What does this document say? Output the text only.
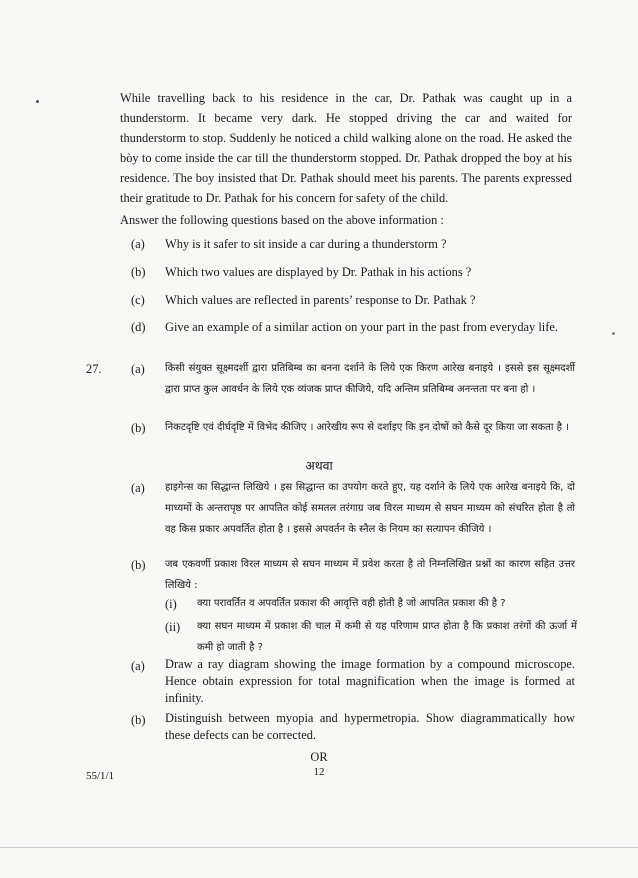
While travelling back to his residence in the car, Dr. Pathak was caught up in a thunderstorm. It became very dark. He stopped driving the car and waited for thunderstorm to stop. Suddenly he noticed a child walking alone on the road. He asked the bòy to come inside the car till the thunderstorm stopped. Dr. Pathak dropped the boy at his residence. The boy insisted that Dr. Pathak should meet his parents. The parents expressed their gratitude to Dr. Pathak for his concern for safety of the child.
Answer the following questions based on the above information :
(a) Why is it safer to sit inside a car during a thunderstorm ?
(b) Which two values are displayed by Dr. Pathak in his actions ?
(c) Which values are reflected in parents’ response to Dr. Pathak ?
(d) Give an example of a similar action on your part in the past from everyday life.
27. (a) किसी संयुक्त सूक्ष्मदर्शी द्वारा प्रतिबिम्ब का बनना दर्शाने के लिये एक किरण आरेख बनाइये । इससे इस सूक्ष्मदर्शी द्वारा प्राप्त कुल आवर्धन के लिये एक व्यंजक प्राप्त कीजिये, यदि अन्तिम प्रतिबिम्ब अनन्तता पर बना हो ।
(b) निकटदृष्टि एवं दीर्घदृष्टि में विभेद कीजिए । आरेखीय रूप से दर्शाइए कि इन दोषों को कैसे दूर किया जा सकता है ।
अथवा
(a) हाइगेन्स का सिद्धान्त लिखिये । इस सिद्धान्त का उपयोग करते हुए, यह दर्शाने के लिये एक आरेख बनाइये कि, दो माध्यमों के अन्तरापृष्ठ पर आपतित कोई समतल तरंगाग्र जब विरल माध्यम से सघन माध्यम को संचरित होता है तो वह किस प्रकार अपवर्तित होता है । इससे अपवर्तन के स्नैल के नियम का सत्यापन कीजिये ।
(b) जब एकवर्णी प्रकाश विरल माध्यम से सघन माध्यम में प्रवेश करता है तो निम्नलिखित प्रश्नों का कारण सहित उत्तर लिखिये :
(i) क्या परावर्तित व अपवर्तित प्रकाश की आवृत्ति वही होती है जो आपतित प्रकाश की है ?
(ii) क्या सघन माध्यम में प्रकाश की चाल में कमी से यह परिणाम प्राप्त होता है कि प्रकाश तरंगों की ऊर्जा में कमी हो जाती है ?
(a) Draw a ray diagram showing the image formation by a compound microscope. Hence obtain expression for total magnification when the image is formed at infinity.
(b) Distinguish between myopia and hypermetropia. Show diagrammatically how these defects can be corrected.
OR
55/1/1	12
